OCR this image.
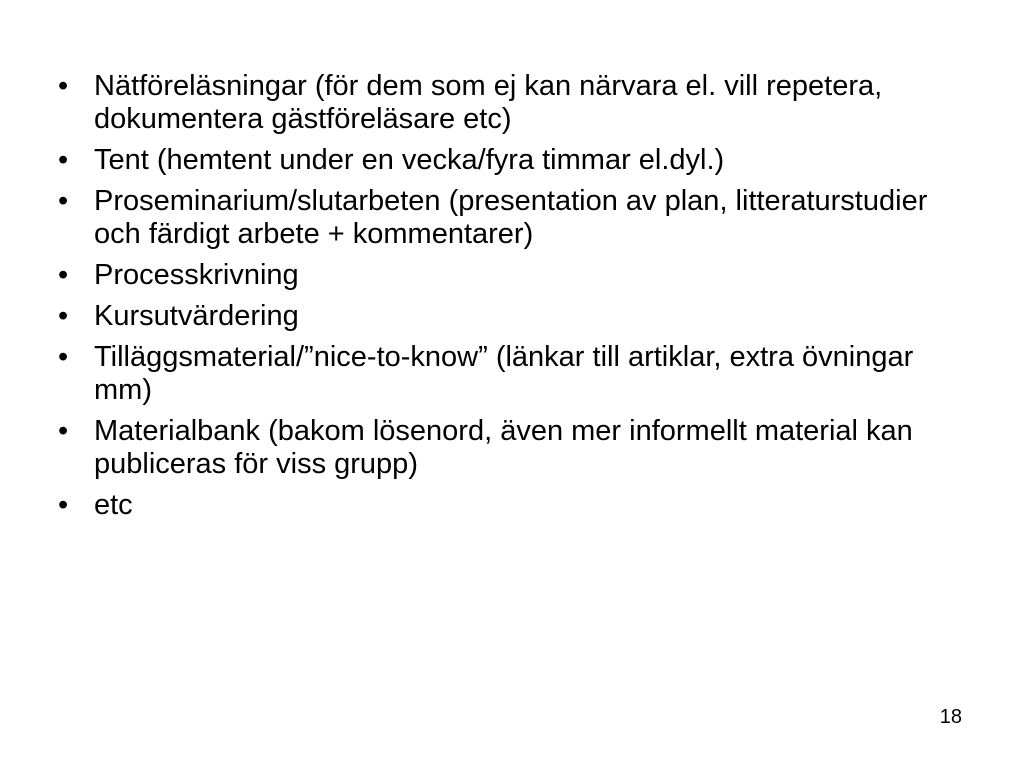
• Nätföreläsningar (för dem som ej kan närvara el. vill repetera, dokumentera gästföreläsare etc)
• Tent (hemtent under en vecka/fyra timmar el.dyl.)
• Proseminarium/slutarbeten (presentation av plan, litteraturstudier och färdigt arbete + kommentarer)
• Processkrivning
• Kursutvärdering
• Tilläggsmaterial/”nice-to-know” (länkar till artiklar, extra övningar mm)
• Materialbank (bakom lösenord, även mer informellt material kan publiceras för viss grupp)
• etc
18
